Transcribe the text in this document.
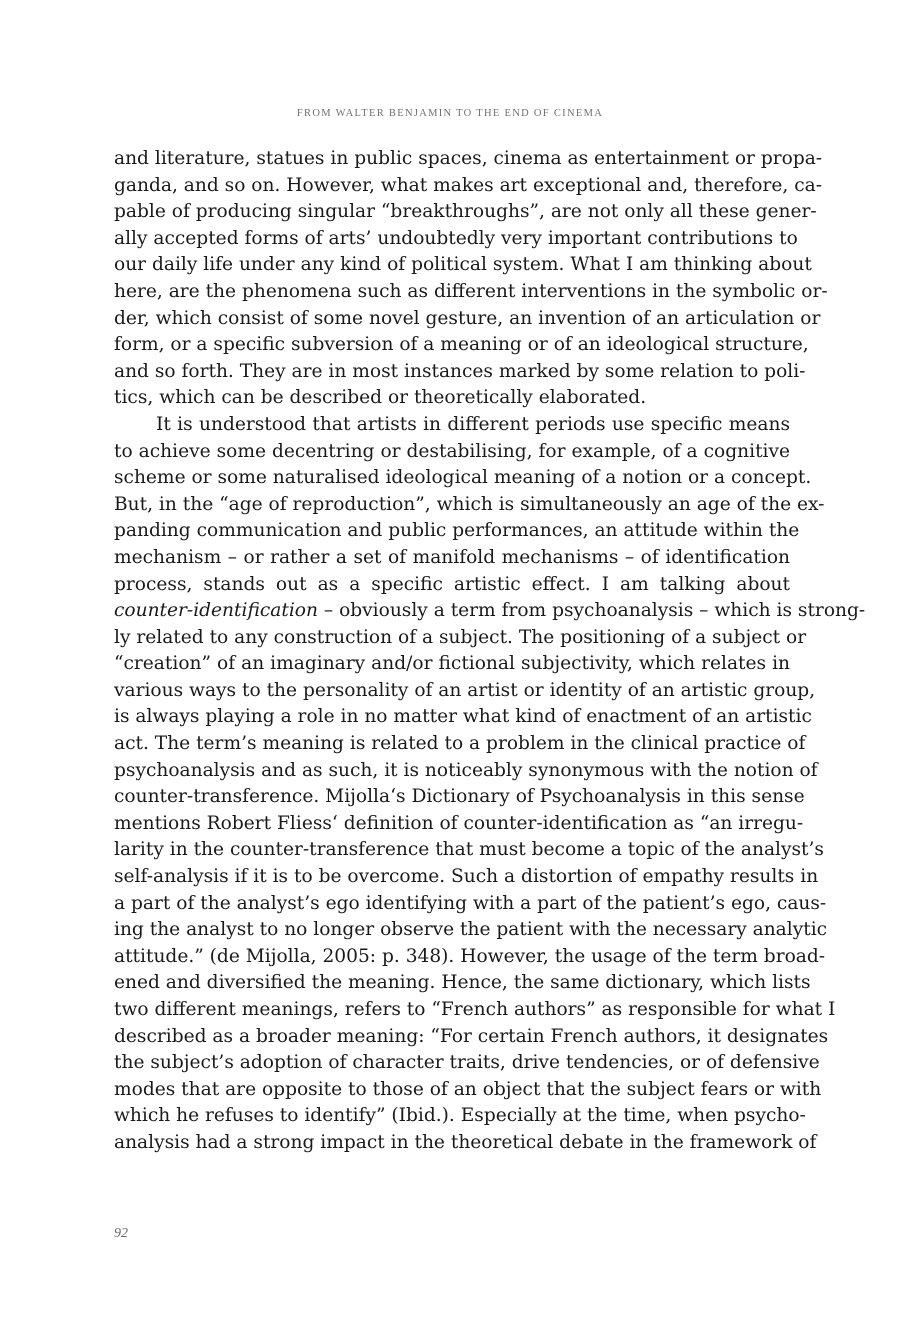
FROM WALTER BENJAMIN TO THE END OF CINEMA

and literature, statues in public spaces, cinema as entertainment or propa-
ganda, and so on. However, what makes art exceptional and, therefore, ca-
pable of producing singular “breakthroughs”, are not only all these gener-
ally accepted forms of arts’ undoubtedly very important contributions to
our daily life under any kind of political system. What I am thinking about
here, are the phenomena such as different interventions in the symbolic or-
der, which consist of some novel gesture, an invention of an articulation or
form, or a specific subversion of a meaning or of an ideological structure,
and so forth. They are in most instances marked by some relation to poli-
tics, which can be described or theoretically elaborated.
It is understood that artists in different periods use specific means
to achieve some decentring or destabilising, for example, of a cognitive
scheme or some naturalised ideological meaning of a notion or a concept.
But, in the “age of reproduction”, which is simultaneously an age of the ex-
panding communication and public performances, an attitude within the
mechanism – or rather a set of manifold mechanisms – of identification
process, stands out as a specific artistic effect. I am talking about
counter-identification – obviously a term from psychoanalysis – which is strong-
ly related to any construction of a subject. The positioning of a subject or
“creation” of an imaginary and/or fictional subjectivity, which relates in
various ways to the personality of an artist or identity of an artistic group,
is always playing a role in no matter what kind of enactment of an artistic
act. The term’s meaning is related to a problem in the clinical practice of
psychoanalysis and as such, it is noticeably synonymous with the notion of
counter-transference. Mijolla‘s Dictionary of Psychoanalysis in this sense
mentions Robert Fliess‘ definition of counter-identification as “an irregu-
larity in the counter-transference that must become a topic of the analyst’s
self-analysis if it is to be overcome. Such a distortion of empathy results in
a part of the analyst’s ego identifying with a part of the patient’s ego, caus-
ing the analyst to no longer observe the patient with the necessary analytic
attitude.” (de Mijolla, 2005: p. 348). However, the usage of the term broad-
ened and diversified the meaning. Hence, the same dictionary, which lists
two different meanings, refers to “French authors” as responsible for what I
described as a broader meaning: “For certain French authors, it designates
the subject’s adoption of character traits, drive tendencies, or of defensive
modes that are opposite to those of an object that the subject fears or with
which he refuses to identify” (Ibid.). Especially at the time, when psycho-
analysis had a strong impact in the theoretical debate in the framework of

92
